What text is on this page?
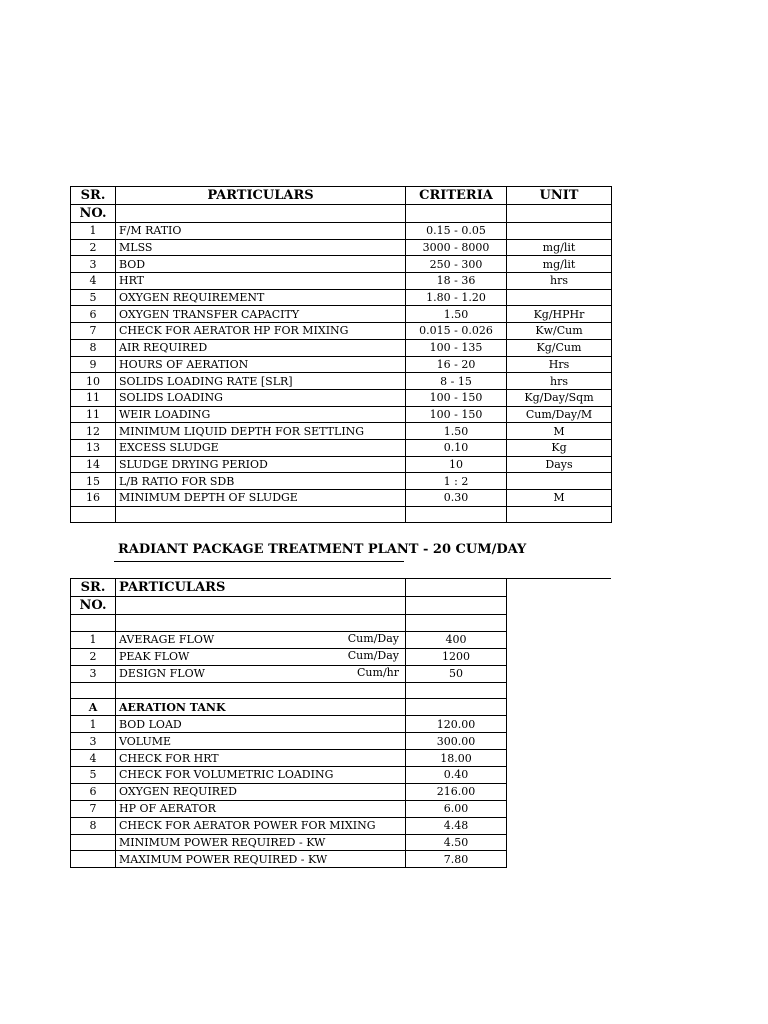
SR.	PARTICULARS	CRITERIA	UNIT
NO.			
1	F/M RATIO	0.15 - 0.05	
2	MLSS	3000 - 8000	mg/lit
3	BOD	250 - 300	mg/lit
4	HRT	18 - 36	hrs
5	OXYGEN REQUIREMENT	1.80 - 1.20	
6	OXYGEN TRANSFER CAPACITY	1.50	Kg/HPHr
7	CHECK FOR AERATOR HP FOR MIXING	0.015 - 0.026	Kw/Cum
8	AIR REQUIRED	100 - 135	Kg/Cum
9	HOURS OF AERATION	16 - 20	Hrs
10	SOLIDS LOADING RATE [SLR]	8 - 15	hrs
11	SOLIDS LOADING	100 - 150	Kg/Day/Sqm
11	WEIR LOADING	100 - 150	Cum/Day/M
12	MINIMUM LIQUID DEPTH FOR SETTLING	1.50	M
13	EXCESS SLUDGE	0.10	Kg
14	SLUDGE DRYING PERIOD	10	Days
15	L/B RATIO FOR SDB	1 : 2	
16	MINIMUM DEPTH OF SLUDGE	0.30	M

RADIANT PACKAGE TREATMENT PLANT - 20 CUM/DAY
SR.	PARTICULARS	
NO.		

1	AVERAGE FLOW Cum/Day	400
2	PEAK FLOW Cum/Day	1200
3	DESIGN FLOW Cum/hr	50

A	AERATION TANK	
1	BOD LOAD	120.00
3	VOLUME	300.00
4	CHECK FOR HRT	18.00
5	CHECK FOR VOLUMETRIC LOADING	0.40
6	OXYGEN REQUIRED	216.00
7	HP OF AERATOR	6.00
8	CHECK FOR AERATOR POWER FOR MIXING	4.48
	MINIMUM POWER REQUIRED - KW	4.50
	MAXIMUM POWER REQUIRED - KW	7.80
